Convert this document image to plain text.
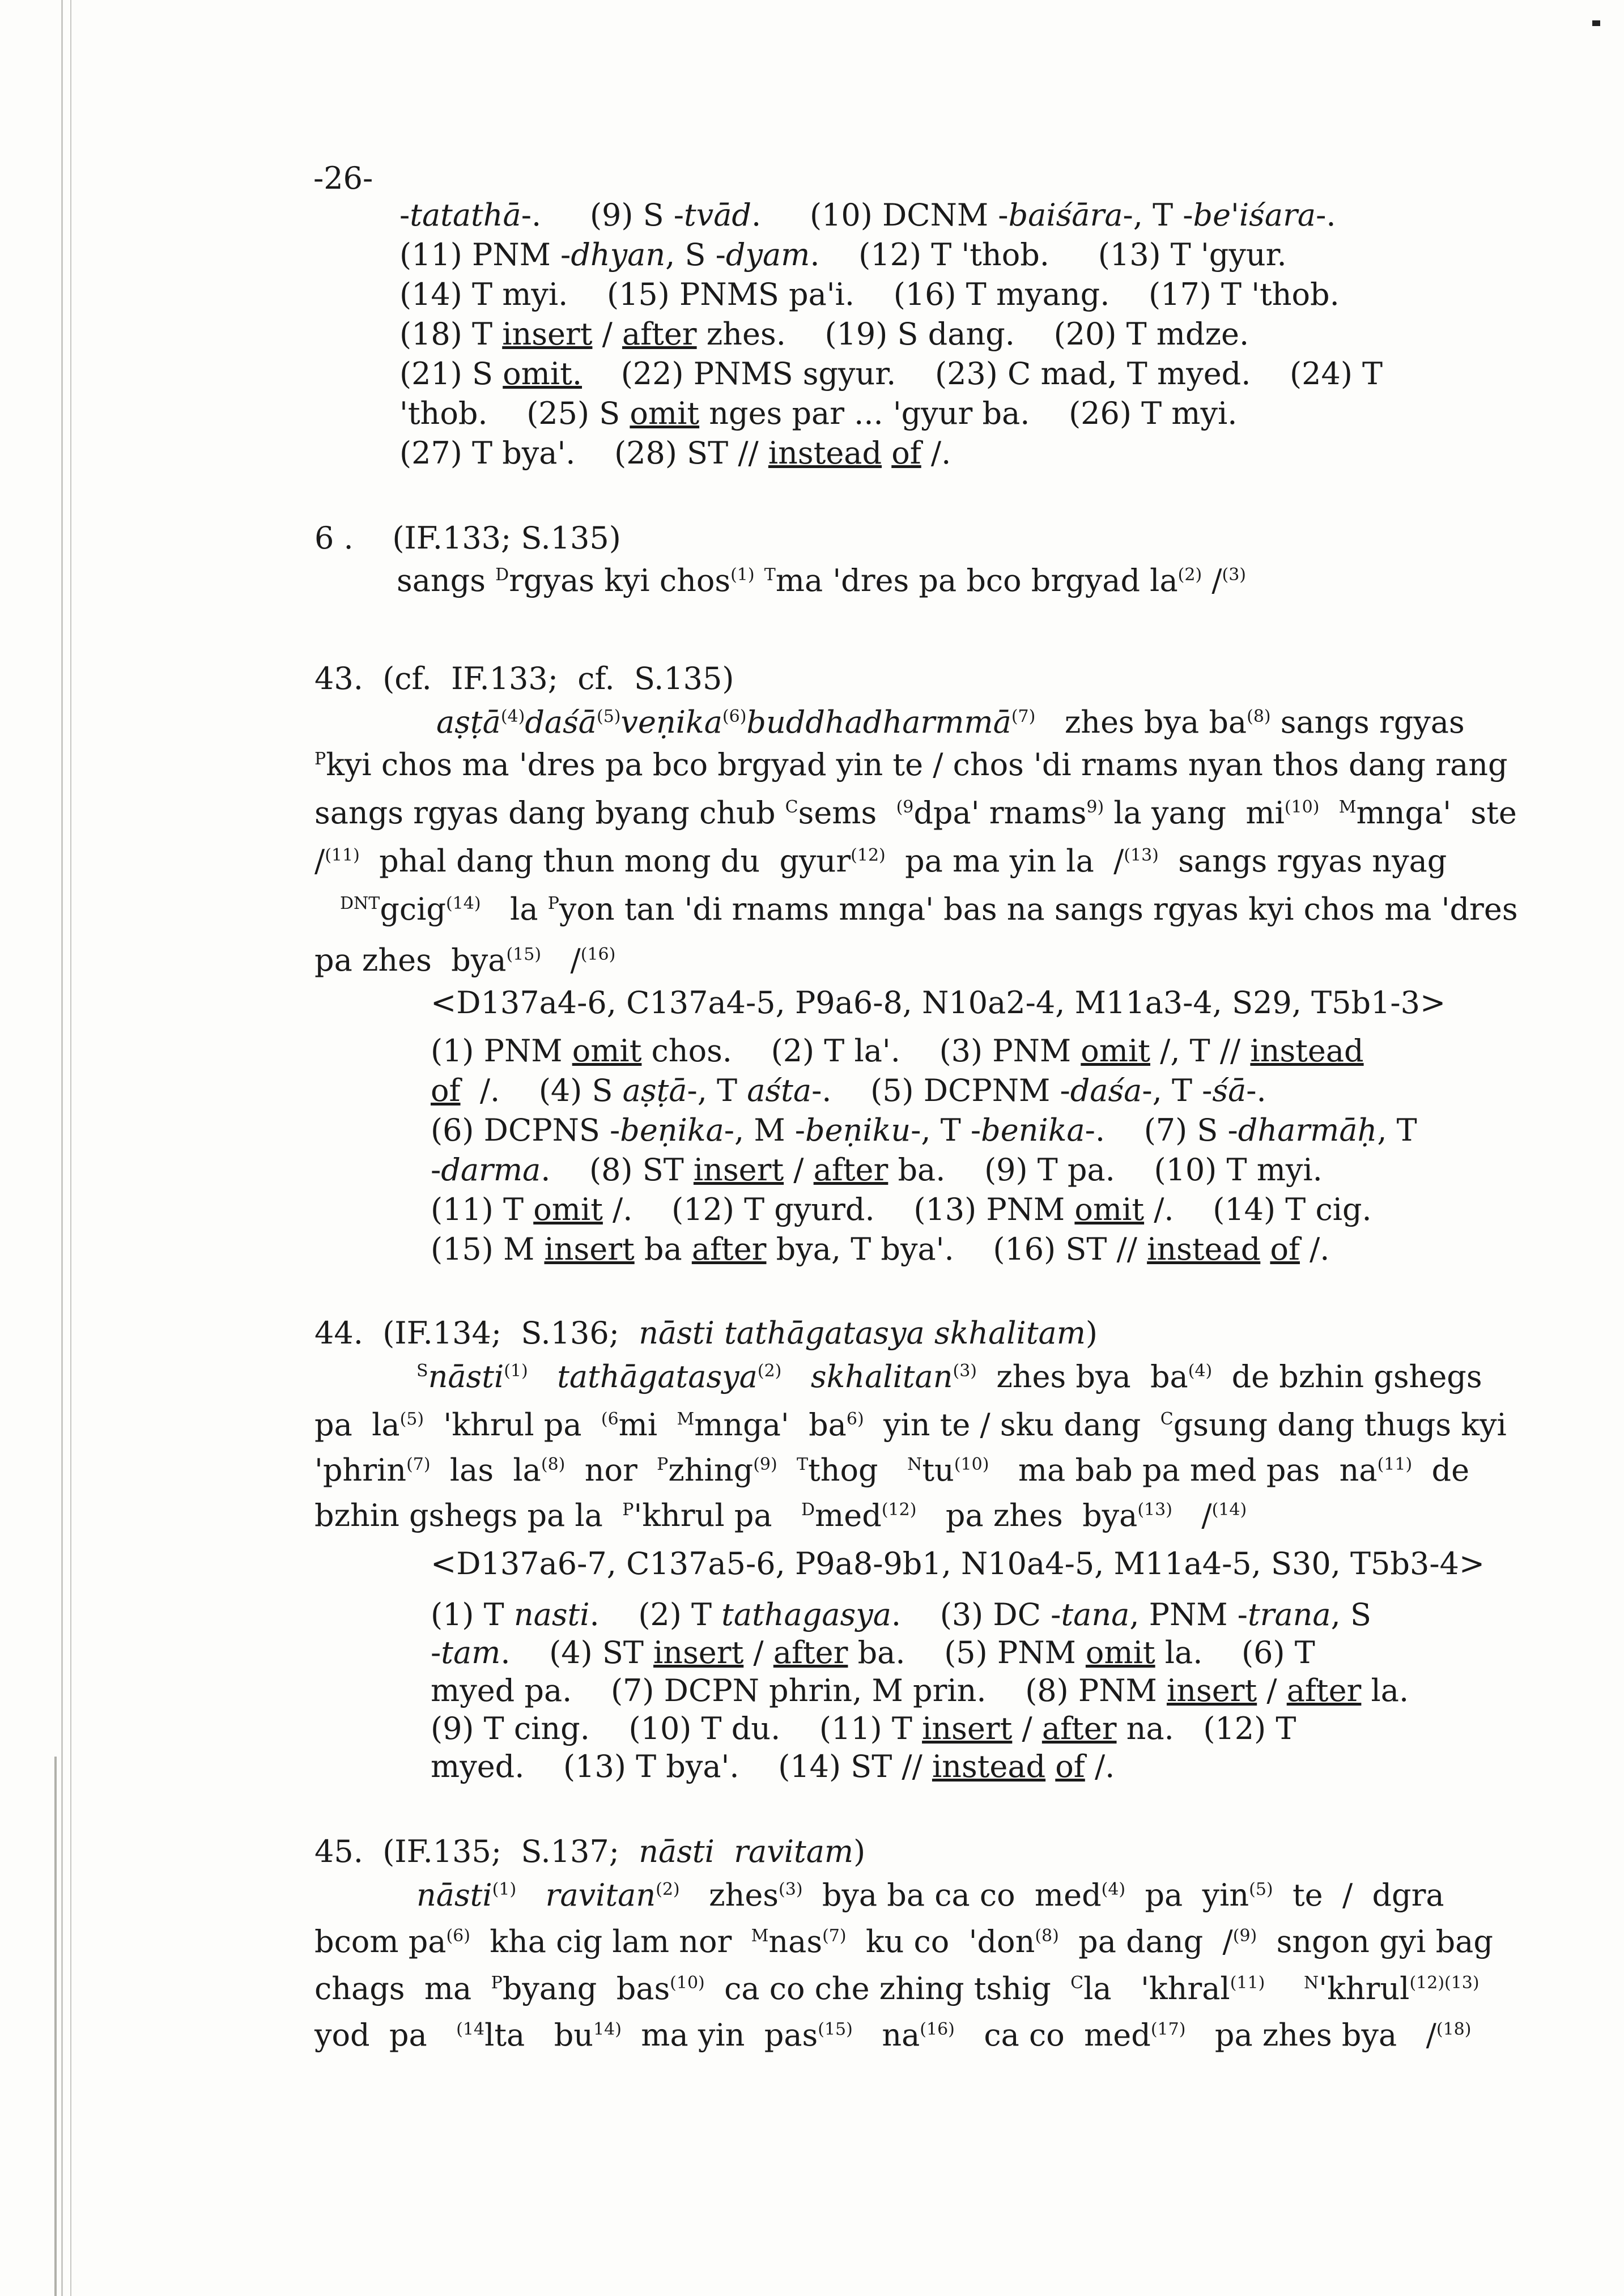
-26-
-tatathā-.     (9) S -tvād.     (10) DCNM -baiśāra-, T -be'iśara-.
(11) PNM -dhyan, S -dyam.    (12) T 'thob.     (13) T 'gyur.
(14) T myi.    (15) PNMS pa'i.    (16) T myang.    (17) T 'thob.
(18) T insert / after zhes.    (19) S dang.    (20) T mdze.
(21) S omit.    (22) PNMS sgyur.    (23) C mad, T myed.    (24) T
'thob.    (25) S omit nges par ... 'gyur ba.    (26) T myi.
(27) T bya'.    (28) ST // instead of /.
6 .    (IF.133; S.135)
sangs $^D$rgyas kyi chos$^{(1)}$ $^T$ma 'dres pa bco brgyad $la^{(2)}$ /$^{(3)}$
43.  (cf.  IF.133;  cf.  S.135)
aṣṭā$^{(4)}$daśā$^{(5)}$veṇika$^{(6)}$buddhadharmmā$^{(7)}$   zhes bya $ba^{(8)}$ sangs rgyas
$^P$kyi chos ma 'dres pa bco brgyad yin te / chos 'di rnams nyan thos dang rang
sangs rgyas dang byang chub $^C$sems  $^{(9}$dpa' rnams$^{9)}$ la yang  $mi^{(10)}$ $^M$mnga'  ste
/$^{(11)}$  phal dang thun mong du  gyur$^{(12)}$  pa ma yin la  /$^{(13)}$  sangs rgyas nyag
$^{DNT}$gcig$^{(14)}$   la $^P$yon tan 'di rnams mnga' bas na sangs rgyas kyi chos ma 'dres
pa zhes  bya$^{(15)}$   /$^{(16)}$
<D137a4-6, C137a4-5, P9a6-8, N10a2-4, M11a3-4, S29, T5b1-3>
(1) PNM omit chos.    (2) T la'.    (3) PNM omit /, T // instead
of  /.    (4) S aṣṭā-, T aśta-.    (5) DCPNM -daśa-, T -śā-.
(6) DCPNS -beṇika-, M -beṇiku-, T -benika-.    (7) S -dharmāḥ, T
-darma.    (8) ST insert / after ba.    (9) T pa.    (10) T myi.
(11) T omit /.    (12) T gyurd.    (13) PNM omit /.    (14) T cig.
(15) M insert ba after bya, T bya'.    (16) ST // instead of /.
44.  (IF.134;  S.136;  nāsti tathāgatasya skhalitam)
$^S$nāsti$^{(1)}$ tathāgatasya$^{(2)}$ skhalitan$^{(3)}$  zhes bya  $ba^{(4)}$  de bzhin gshegs
pa  $la^{(5)}$  'khrul pa  $^{(6}$mi  $^M$mnga'  $ba^{6)}$  yin te / sku dang  $^C$gsung dang thugs kyi
'phrin$^{(7)}$  las  $la^{(8)}$  nor  $^P$zhing$^{(9)}$ $^T$thog   $^Ntu^{(10)}$   ma bab pa med pas  $na^{(11)}$  de
bzhin gshegs pa la  $^P$'khrul pa   $^D$med$^{(12)}$   pa zhes  bya$^{(13)}$   /$^{(14)}$
<D137a6-7, C137a5-6, P9a8-9b1, N10a4-5, M11a4-5, S30, T5b3-4>
(1) T nasti.    (2) T tathagasya.    (3) DC -tana, PNM -trana, S
-tam.    (4) ST insert / after ba.    (5) PNM omit la.    (6) T
myed pa.    (7) DCPN phrin, M prin.    (8) PNM insert / after la.
(9) T cing.    (10) T du.    (11) T insert / after na.   (12) T
myed.    (13) T bya'.    (14) ST // instead of /.
45.  (IF.135;  S.137;  nāsti  ravitam)
nāsti$^{(1)}$ ravitan$^{(2)}$   zhes$^{(3)}$  bya ba ca co  med$^{(4)}$  pa  yin$^{(5)}$  te  /  dgra
bcom $pa^{(6)}$  kha cig lam nor  $^M$nas$^{(7)}$  ku co  'don$^{(8)}$  pa dang  /$^{(9)}$  sngon gyi bag
chags  ma  $^P$byang  bas$^{(10)}$  ca co che zhing tshig  $^C$la   'khral$^{(11)}$ $^N$'khrul$^{(12)(13)}$
yod  pa   $^{(14}$lta   $bu^{14)}$  ma yin  pas$^{(15)}$   $na^{(16)}$   ca co  med$^{(17)}$   pa zhes bya   /$^{(18)}$
